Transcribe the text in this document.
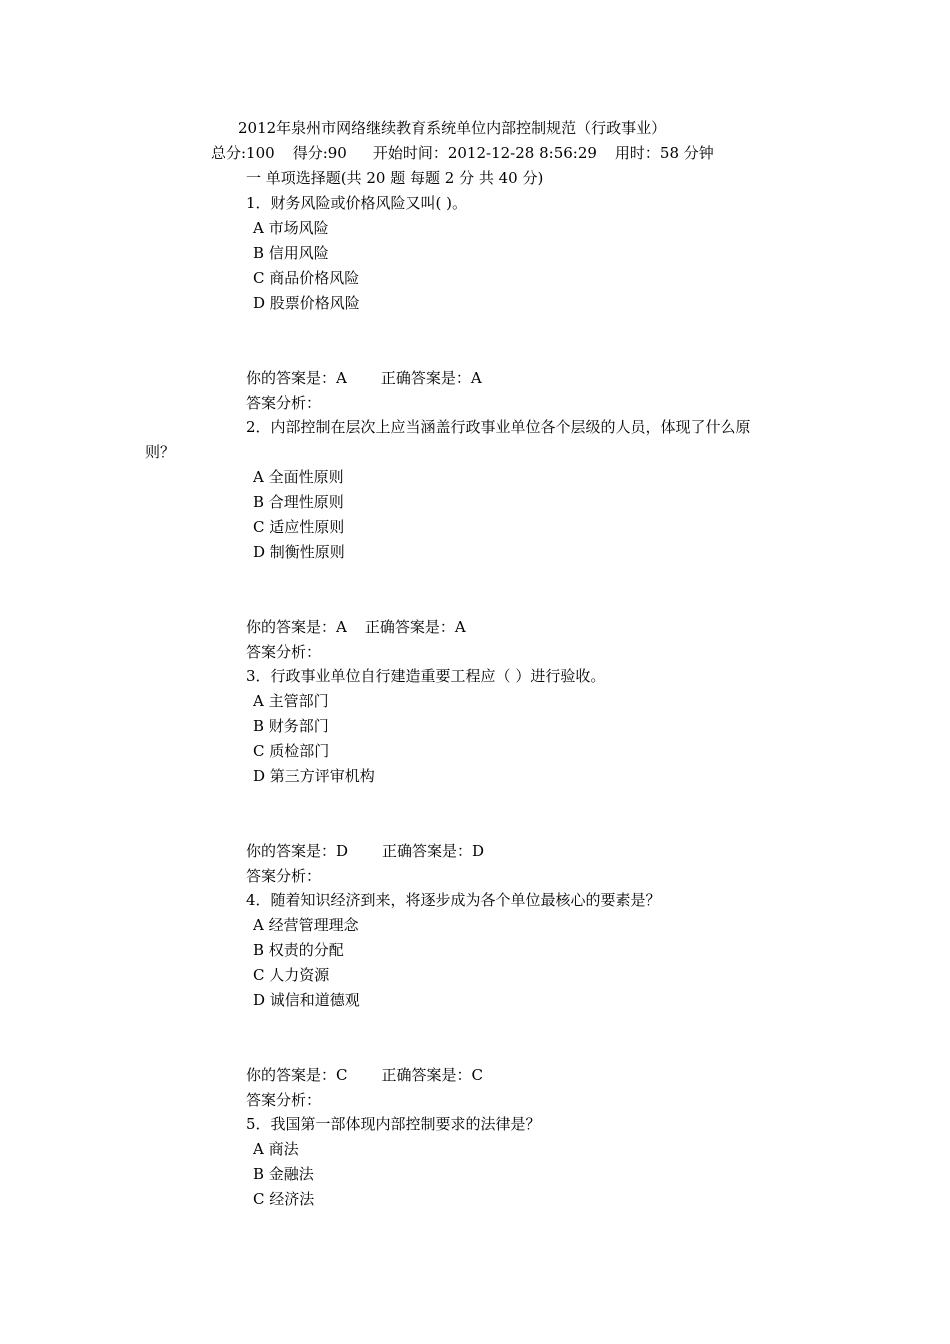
2012年泉州市网络继续教育系统单位内部控制规范（行政事业）
总分:100 得分:90 开始时间：2012-12-28 8:56:29 用时：58 分钟
一 单项选择题(共 20 题 每题 2 分 共 40 分)
1．财务风险或价格风险又叫( )。
A 市场风险
B 信用风险
C 商品价格风险
D 股票价格风险
你的答案是：A 正确答案是：A
答案分析：
2．内部控制在层次上应当涵盖行政事业单位各个层级的人员，体现了什么原
则？
A 全面性原则
B 合理性原则
C 适应性原则
D 制衡性原则
你的答案是：A 正确答案是：A
答案分析：
3．行政事业单位自行建造重要工程应（ ）进行验收。
A 主管部门
B 财务部门
C 质检部门
D 第三方评审机构
你的答案是：D 正确答案是：D
答案分析：
4．随着知识经济到来，将逐步成为各个单位最核心的要素是？
A 经营管理理念
B 权责的分配
C 人力资源
D 诚信和道德观
你的答案是：C 正确答案是：C
答案分析：
5．我国第一部体现内部控制要求的法律是？
A 商法
B 金融法
C 经济法
